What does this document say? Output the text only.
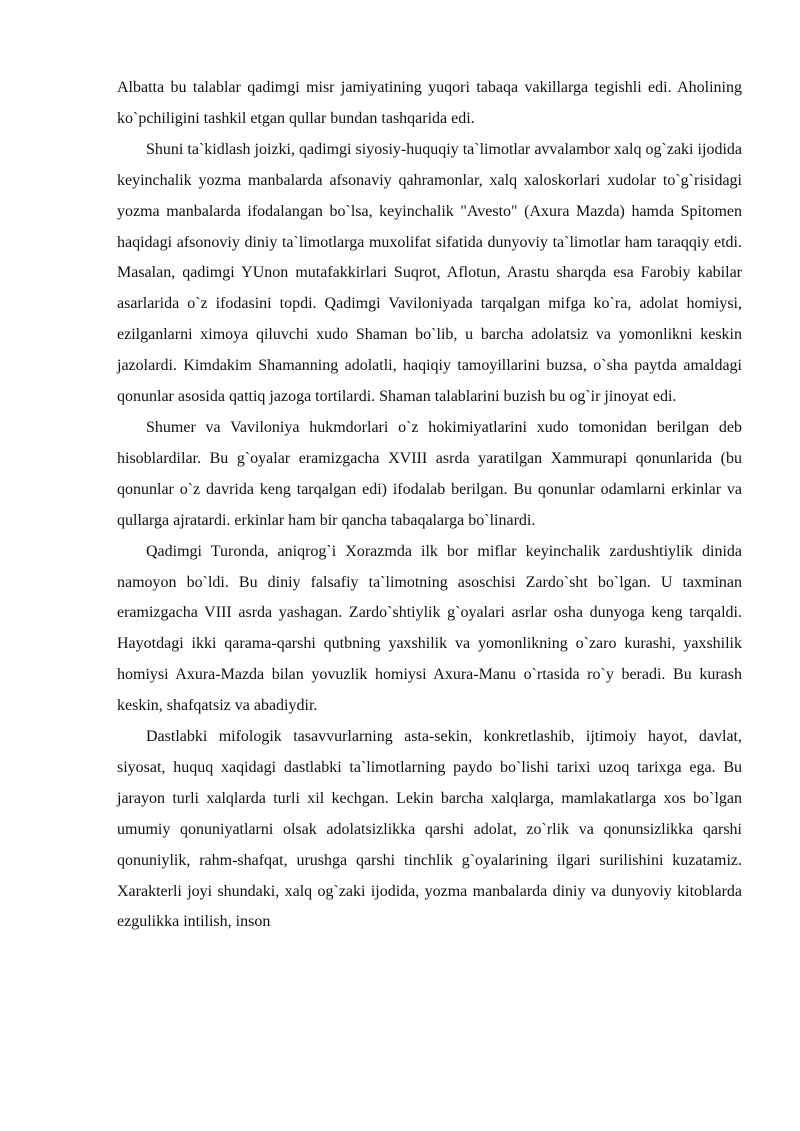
Albatta bu talablar qadimgi misr jamiyatining yuqori tabaqa vakillarga tegishli edi. Aholining ko`pchiligini tashkil etgan qullar bundan tashqarida edi.

Shuni ta`kidlash joizki, qadimgi siyosiy-huquqiy ta`limotlar avvalambor xalq og`zaki ijodida keyinchalik yozma manbalarda afsonaviy qahramonlar, xalq xaloskorlari xudolar to`g`risidagi yozma manbalarda ifodalangan bo`lsa, keyinchalik "Avesto" (Axura Mazda) hamda Spitomen haqidagi afsonoviy diniy ta`limotlarga muxolifat sifatida dunyoviy ta`limotlar ham taraqqiy etdi. Masalan, qadimgi YUnon mutafakkirlari Suqrot, Aflotun, Arastu sharqda esa Farobiy kabilar asarlarida o`z ifodasini topdi. Qadimgi Vaviloniyada tarqalgan mifga ko`ra, adolat homiysi, ezilganlarni ximoya qiluvchi xudo Shaman bo`lib, u barcha adolatsiz va yomonlikni keskin jazolardi. Kimdakim Shamanning adolatli, haqiqiy tamoyillarini buzsa, o`sha paytda amaldagi qonunlar asosida qattiq jazoga tortilardi. Shaman talablarini buzish bu og`ir jinoyat edi.

Shumer va Vaviloniya hukmdorlari o`z hokimiyatlarini xudo tomonidan berilgan deb hisoblardilar. Bu g`oyalar eramizgacha XVIII asrda yaratilgan Xammurapi qonunlarida (bu qonunlar o`z davrida keng tarqalgan edi) ifodalab berilgan. Bu qonunlar odamlarni erkinlar va qullarga ajratardi. erkinlar ham bir qancha tabaqalarga bo`linardi.

Qadimgi Turonda, aniqrog`i Xorazmda ilk bor miflar keyinchalik zardushtiylik dinida namoyon bo`ldi. Bu diniy falsafiy ta`limotning asoschisi Zardo`sht bo`lgan. U taxminan eramizgacha VIII asrda yashagan. Zardo`shtiylik g`oyalari asrlar osha dunyoga keng tarqaldi. Hayotdagi ikki qarama-qarshi qutbning yaxshilik va yomonlikning o`zaro kurashi, yaxshilik homiysi Axura-Mazda bilan yovuzlik homiysi Axura-Manu o`rtasida ro`y beradi. Bu kurash keskin, shafqatsiz va abadiydir.

Dastlabki mifologik tasavvurlarning asta-sekin, konkretlashib, ijtimoiy hayot, davlat, siyosat, huquq xaqidagi dastlabki ta`limotlarning paydo bo`lishi tarixi uzoq tarixga ega. Bu jarayon turli xalqlarda turli xil kechgan. Lekin barcha xalqlarga, mamlakatlarga xos bo`lgan umumiy qonuniyatlarni olsak adolatsizlikka qarshi adolat, zo`rlik va qonunsizlikka qarshi qonuniylik, rahm-shafqat, urushga qarshi tinchlik g`oyalarining ilgari surilishini kuzatamiz. Xarakterli joyi shundaki, xalq og`zaki ijodida, yozma manbalarda diniy va dunyoviy kitoblarda ezgulikka intilish, inson
